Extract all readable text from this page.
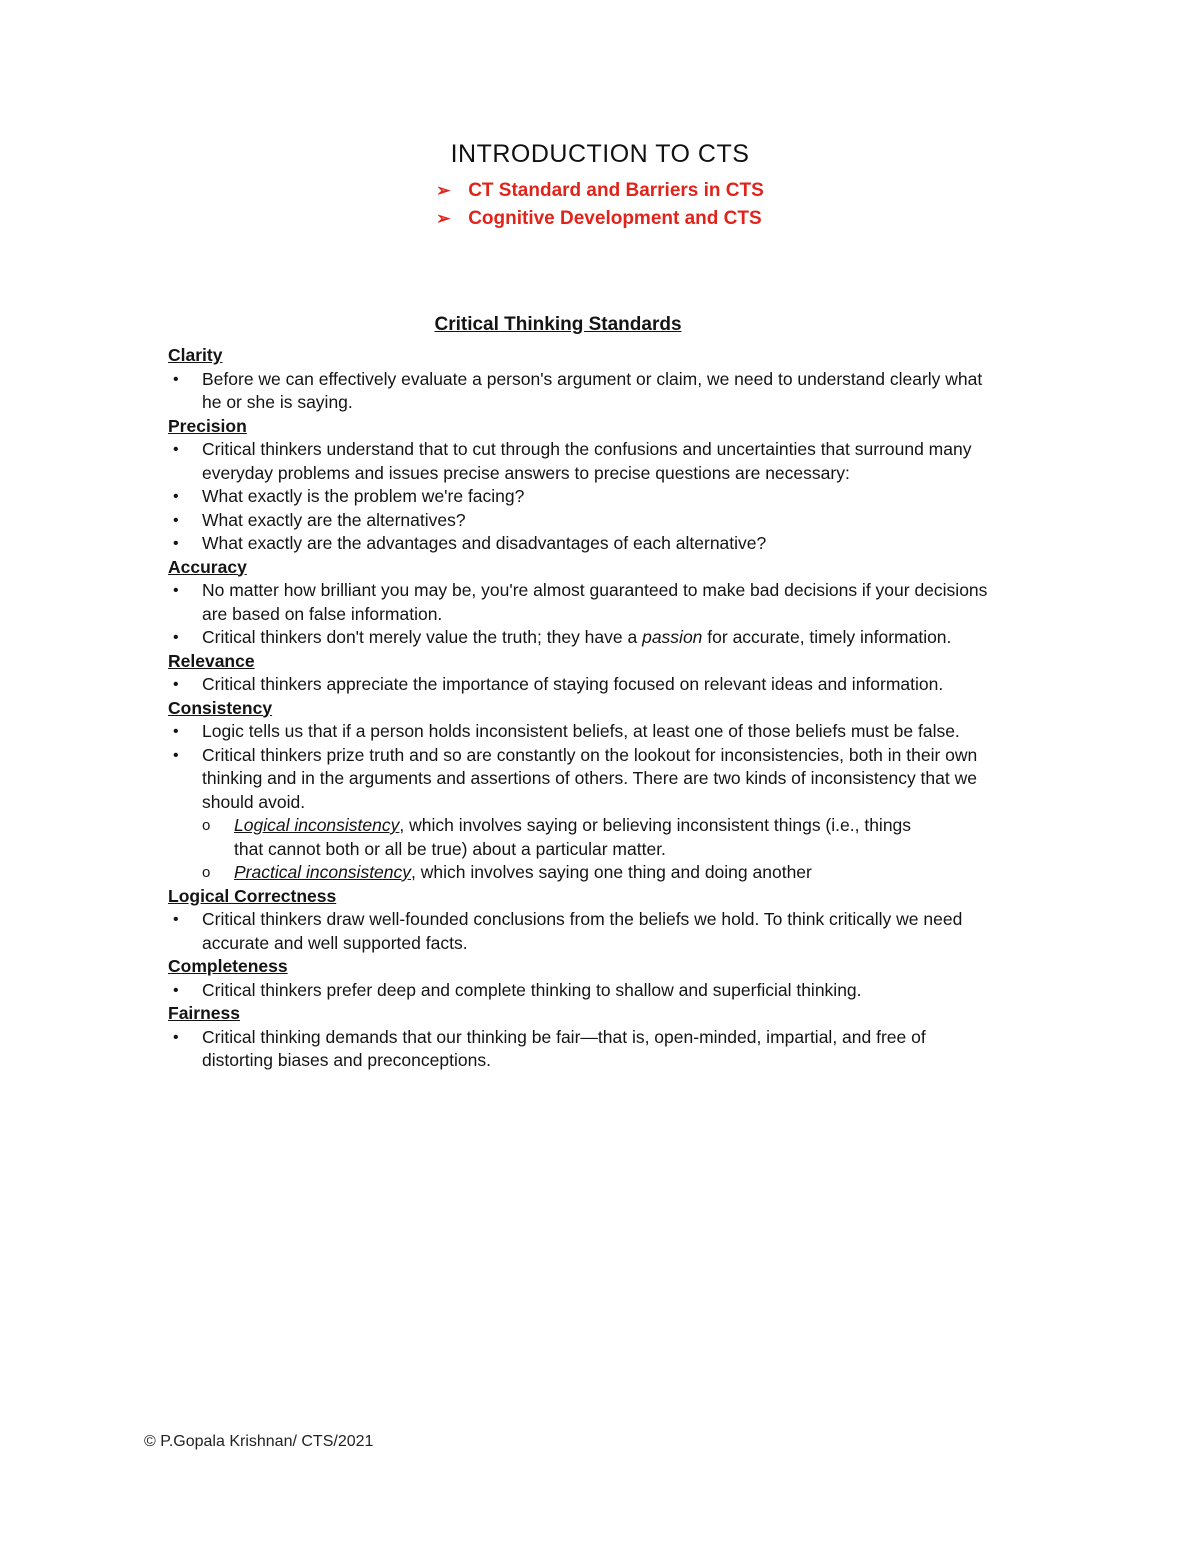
INTRODUCTION TO CTS
➢ CT Standard and Barriers in CTS
➢ Cognitive Development and CTS
Critical Thinking Standards
Clarity
• Before we can effectively evaluate a person's argument or claim, we need to understand clearly what he or she is saying.
Precision
• Critical thinkers understand that to cut through the confusions and uncertainties that surround many everyday problems and issues precise answers to precise questions are necessary:
• What exactly is the problem we're facing?
• What exactly are the alternatives?
• What exactly are the advantages and disadvantages of each alternative?
Accuracy
• No matter how brilliant you may be, you're almost guaranteed to make bad decisions if your decisions are based on false information.
• Critical thinkers don't merely value the truth; they have a passion for accurate, timely information.
Relevance
• Critical thinkers appreciate the importance of staying focused on relevant ideas and information.
Consistency
• Logic tells us that if a person holds inconsistent beliefs, at least one of those beliefs must be false.
• Critical thinkers prize truth and so are constantly on the lookout for inconsistencies, both in their own thinking and in the arguments and assertions of others. There are two kinds of inconsistency that we should avoid.
o Logical inconsistency, which involves saying or believing inconsistent things (i.e., things
that cannot both or all be true) about a particular matter.
o Practical inconsistency, which involves saying one thing and doing another
Logical Correctness
• Critical thinkers draw well-founded conclusions from the beliefs we hold. To think critically we need accurate and well supported facts.
Completeness
• Critical thinkers prefer deep and complete thinking to shallow and superficial thinking.
Fairness
• Critical thinking demands that our thinking be fair—that is, open-minded, impartial, and free of distorting biases and preconceptions.
© P.Gopala Krishnan/ CTS/2021
